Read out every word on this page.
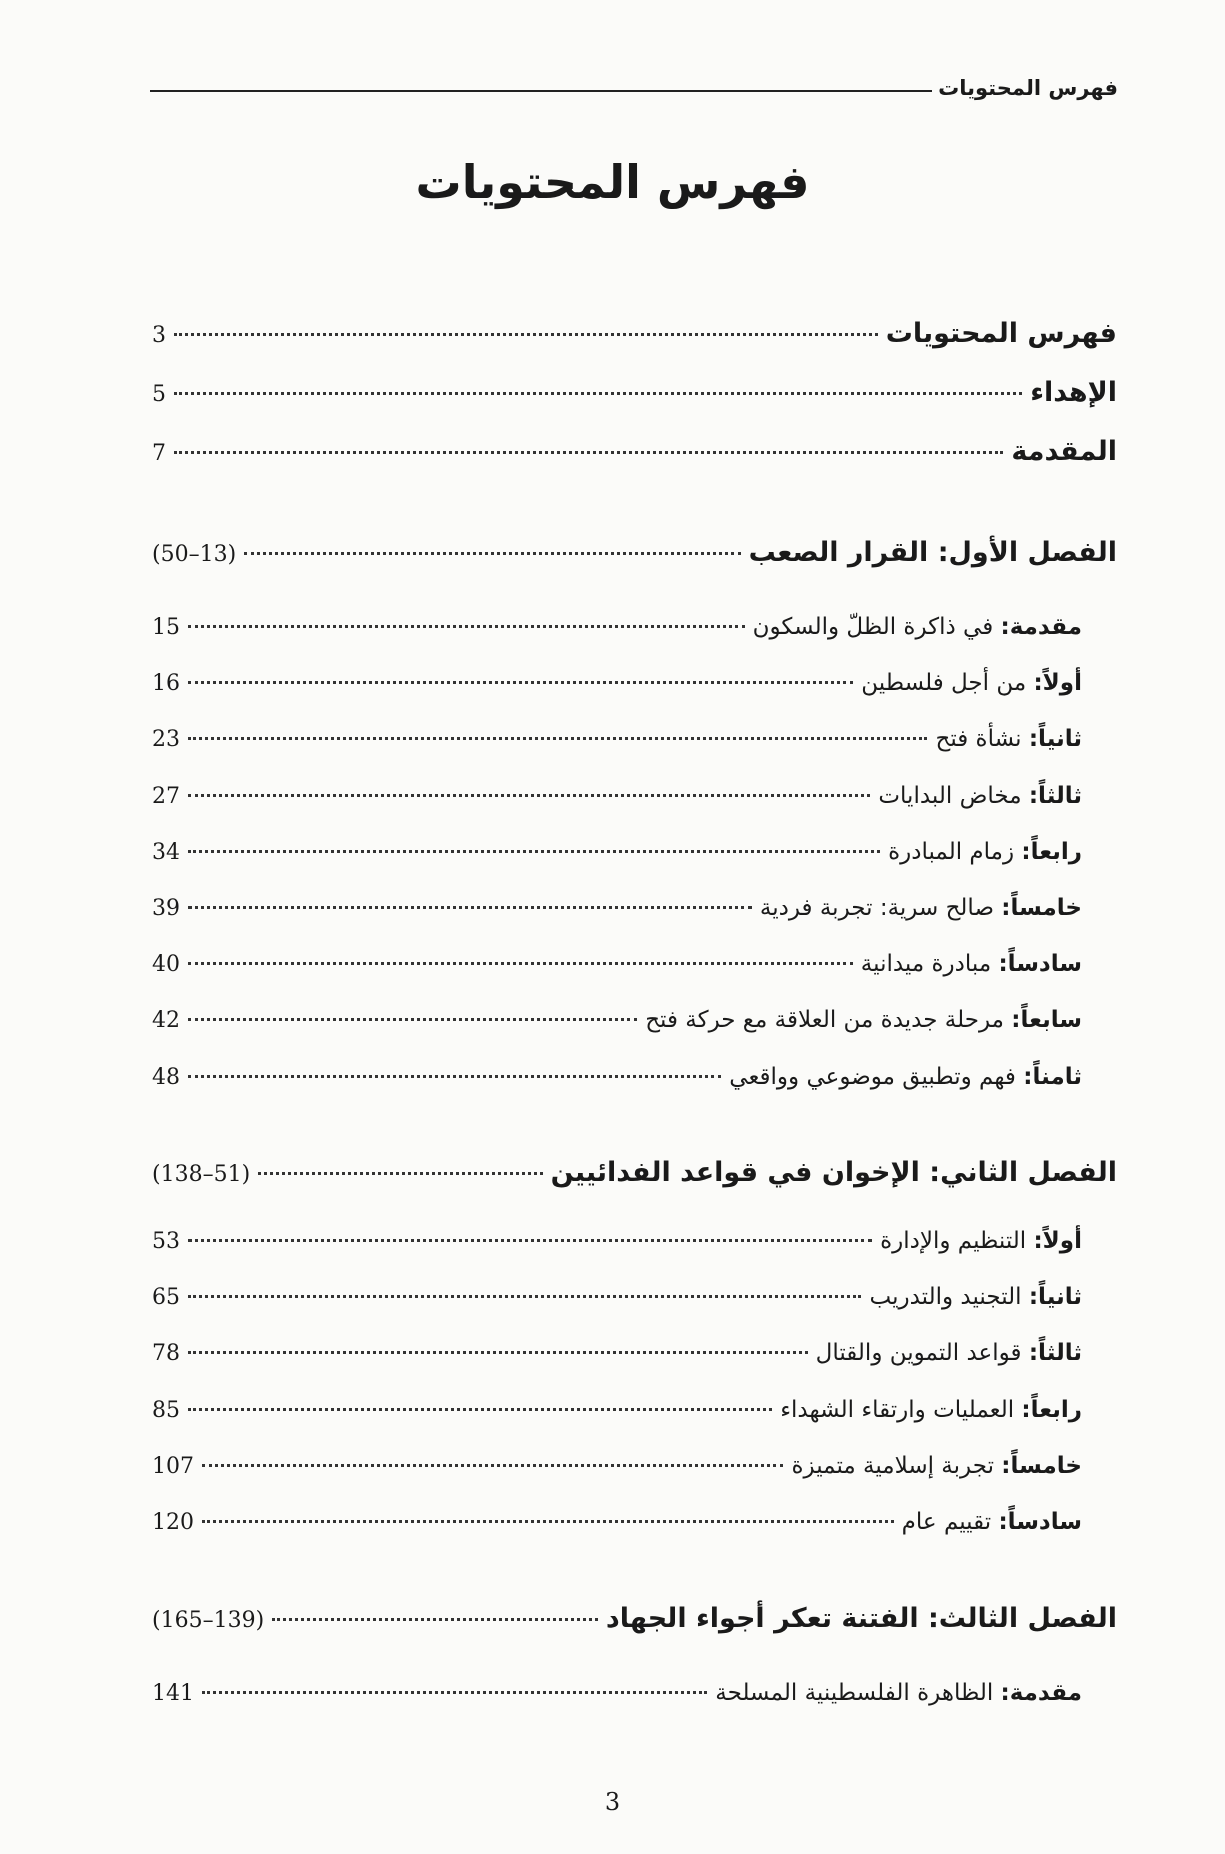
فهرس المحتويات
فهرس المحتويات
فهرس المحتويات
3
الإهداء
5
المقدمة
7
الفصل الأول: القرار الصعب
(50–13)
مقدمة: في ذاكرة الظلّ والسكون
15
أولاً: من أجل فلسطين
16
ثانياً: نشأة فتح
23
ثالثاً: مخاض البدايات
27
رابعاً: زمام المبادرة
34
خامساً: صالح سرية: تجربة فردية
39
سادساً: مبادرة ميدانية
40
سابعاً: مرحلة جديدة من العلاقة مع حركة فتح
42
ثامناً: فهم وتطبيق موضوعي وواقعي
48
الفصل الثاني: الإخوان في قواعد الفدائيين
(138–51)
أولاً: التنظيم والإدارة
53
ثانياً: التجنيد والتدريب
65
ثالثاً: قواعد التموين والقتال
78
رابعاً: العمليات وارتقاء الشهداء
85
خامساً: تجربة إسلامية متميزة
107
سادساً: تقييم عام
120
الفصل الثالث: الفتنة تعكر أجواء الجهاد
(165–139)
مقدمة: الظاهرة الفلسطينية المسلحة
141
3
